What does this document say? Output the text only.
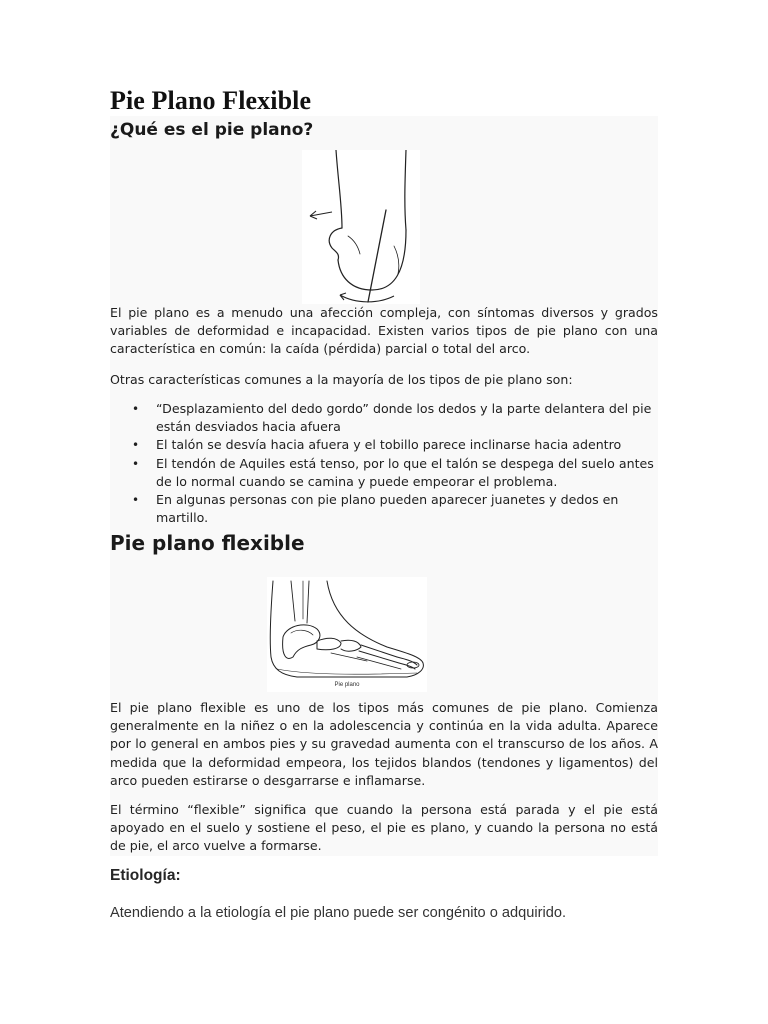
Pie Plano Flexible
¿Qué es el pie plano?

El pie plano es a menudo una afección compleja, con síntomas diversos y grados variables de deformidad e incapacidad. Existen varios tipos de pie plano con una característica en común: la caída (pérdida) parcial o total del arco.

Otras características comunes a la mayoría de los tipos de pie plano son:

• “Desplazamiento del dedo gordo” donde los dedos y la parte delantera del pie están desviados hacia afuera
• El talón se desvía hacia afuera y el tobillo parece inclinarse hacia adentro
• El tendón de Aquiles está tenso, por lo que el talón se despega del suelo antes de lo normal cuando se camina y puede empeorar el problema.
• En algunas personas con pie plano pueden aparecer juanetes y dedos en martillo.
Pie plano flexible
Pie plano

El pie plano flexible es uno de los tipos más comunes de pie plano. Comienza generalmente en la niñez o en la adolescencia y continúa en la vida adulta. Aparece por lo general en ambos pies y su gravedad aumenta con el transcurso de los años. A medida que la deformidad empeora, los tejidos blandos (tendones y ligamentos) del arco pueden estirarse o desgarrarse e inflamarse.

El término “flexible” significa que cuando la persona está parada y el pie está apoyado en el suelo y sostiene el peso, el pie es plano, y cuando la persona no está de pie, el arco vuelve a formarse.

Etiología:

Atendiendo a la etiología el pie plano puede ser congénito o adquirido.
